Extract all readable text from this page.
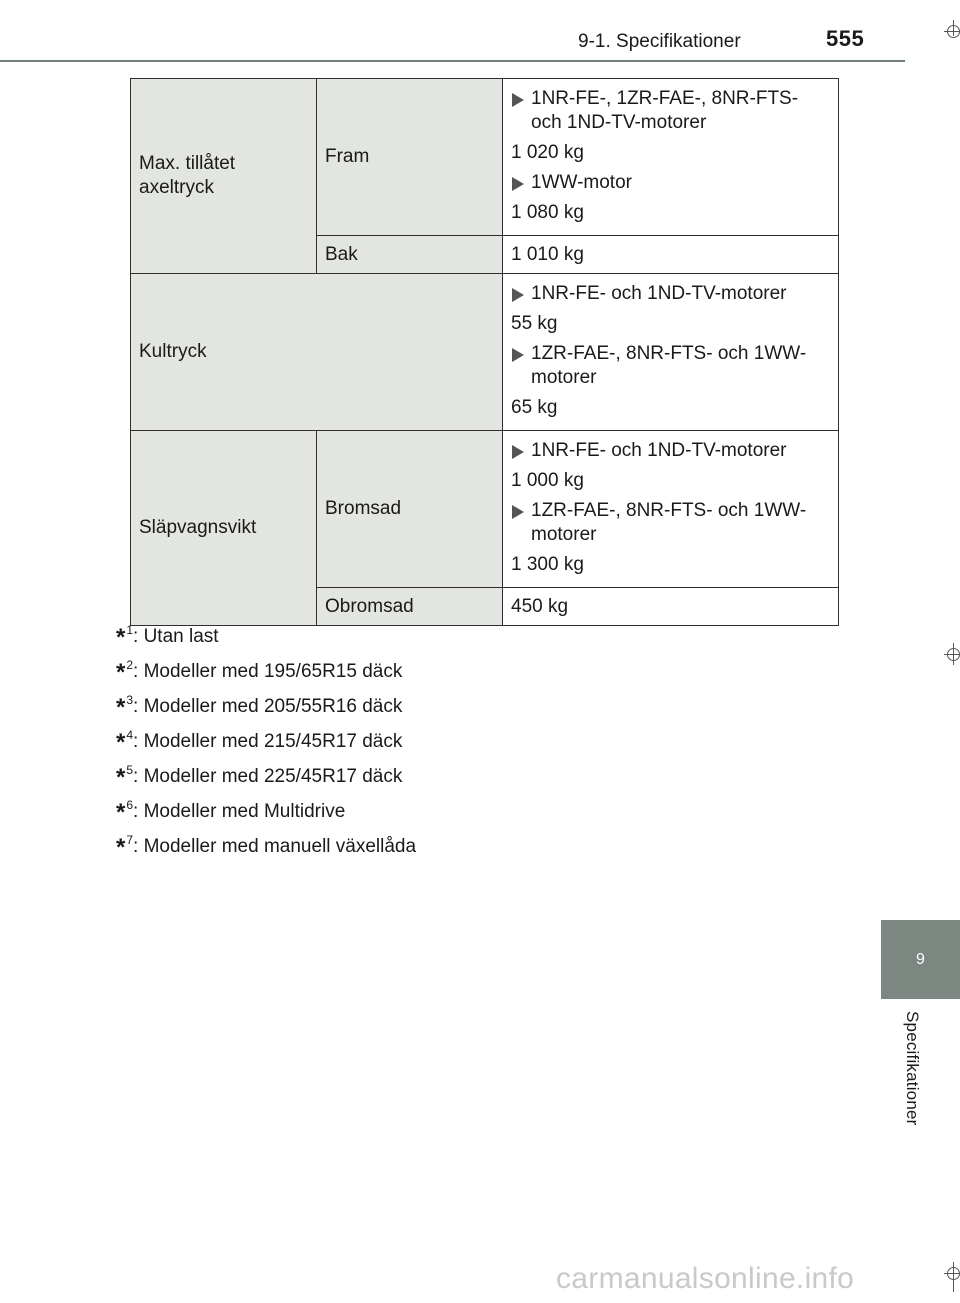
9-1. Specifikationer	555
Max. tillåtet axeltryck	Fram	1NR-FE-, 1ZR-FAE-, 8NR-FTS- och 1ND-TV-motorer
1 020 kg
1WW-motor
1 080 kg

	Bak	1 010 kg
Kultryck		1NR-FE- och 1ND-TV-motorer
55 kg
1ZR-FAE-, 8NR-FTS- och 1WW-motorer
65 kg

Släpvagnsvikt	Bromsad	1NR-FE- och 1ND-TV-motorer
1 000 kg
1ZR-FAE-, 8NR-FTS- och 1WW-motorer
1 300 kg

	Obromsad	450 kg
*$^1$: Utan last
*$^2$: Modeller med 195/65R15 däck
*$^3$: Modeller med 205/55R16 däck
*$^4$: Modeller med 215/45R17 däck
*$^5$: Modeller med 225/45R17 däck
*$^6$: Modeller med Multidrive
*$^7$: Modeller med manuell växellåda
9
Specifikationer
carmanualsonline.info
